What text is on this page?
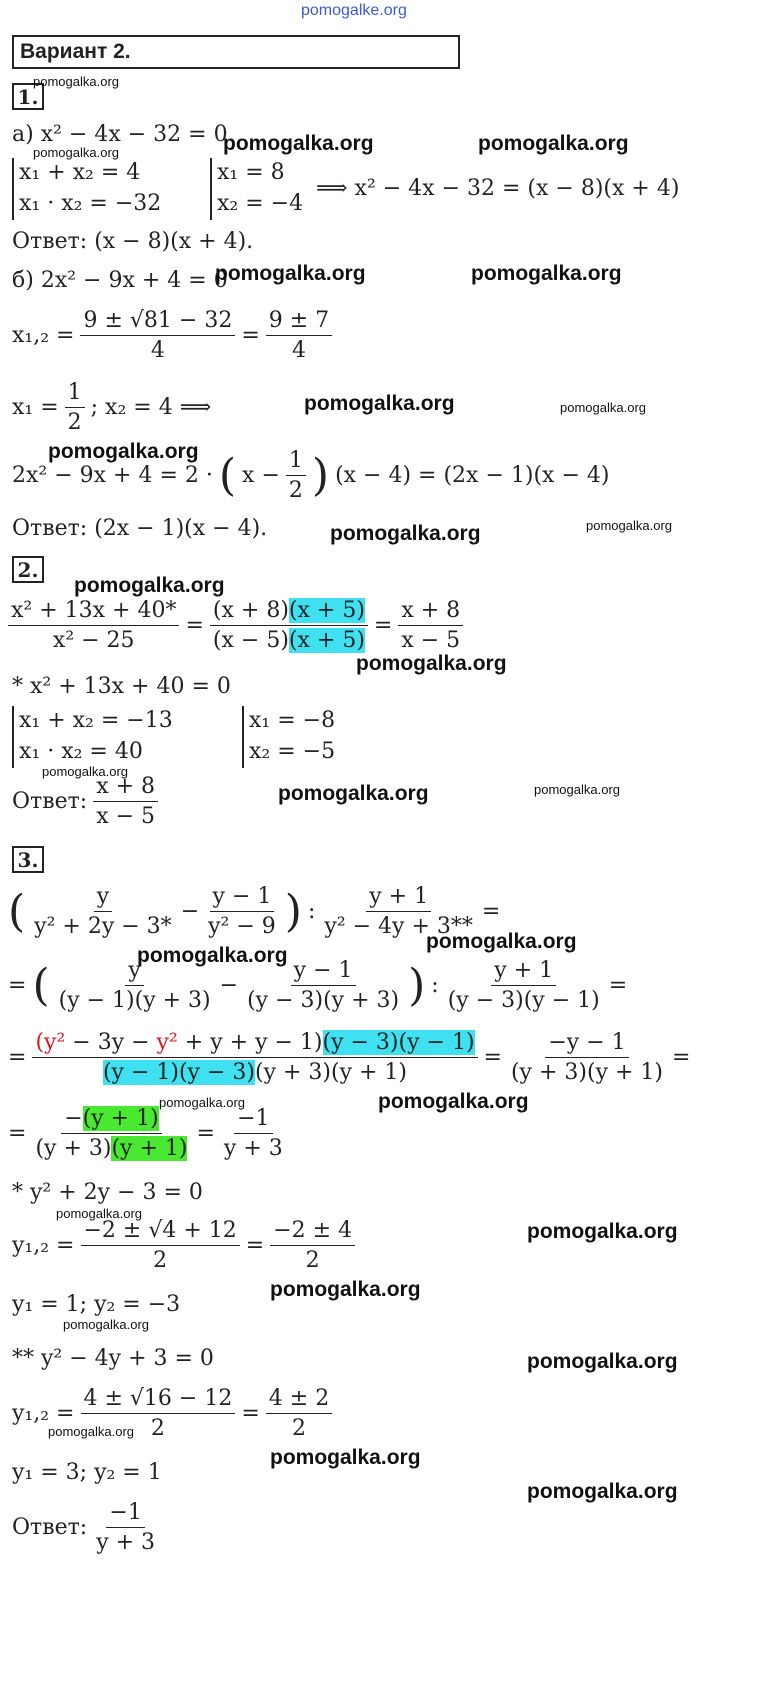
pomogalke.org
Вариант 2.
1.
pomogalka.org
а) x² − 4x − 32 = 0
pomogalka.org	pomogalka.org	pomogalka.org
x₁ + x₂ = 4
x₁ · x₂ = −32
x₁ = 8
x₂ = −4
⟹ x² − 4x − 32 = (x − 8)(x + 4)
Ответ: (x − 8)(x + 4).
б) 2x² − 9x + 4 = 0
pomogalka.org	pomogalka.org
$x_1,_2 = \frac{9 \pm √81 - 32}{4} = \frac{9 \pm 7}{4}$
$x_1 = \frac{1}{2}$ ; x₂ = 4 ⟹	pomogalka.org	pomogalka.org
pomogalka.org
2x² − 9x + 4 = 2 · ( $x - \frac{1}{2}$ ) (x − 4) = (2x − 1)(x − 4)
Ответ: (2x − 1)(x − 4).	pomogalka.org	pomogalka.org
2.
pomogalka.org
$\frac{\text{x² + 13x + 40*}}{\text{x² − 25}} = \frac{(x + 8)(x + 5)}{(x - 5)(x + 5)} = \frac{x + 8}{x - 5}$
pomogalka.org
* x² + 13x + 40 = 0
x₁ + x₂ = −13
x₁ · x₂ = 40
x₁ = −8
x₂ = −5
pomogalka.org
Ответ: $\frac{x + 8}{x - 5}$	pomogalka.org	pomogalka.org
3.
( $\frac{y}{\text{y² + 2y − 3*}} - \frac{y - 1}{\text{y² − 9}}$ ) : $\frac{y + 1}{\text{y² − 4y + 3**}}$ =
pomogalka.org
pomogalka.org
= ( $\frac{y}{(y - 1)(y + 3)} - \frac{y - 1}{(y - 3)(y + 3)}$ ) : $\frac{y + 1}{(y - 3)(y - 1)}$ =
= $\frac{\text{(y² − 3y − y² + y + y − 1)(y − 3)(y − 1)}}{(y - 1)(y - 3)(y + 3)(y + 1)} = \frac{-y - 1}{(y + 3)(y + 1)}$ =
pomogalka.org	pomogalka.org
= $\frac{-(y + 1)}{(y + 3)(y + 1)} = \frac{-1}{y + 3}$
* y² + 2y − 3 = 0
pomogalka.org
pomogalka.org
$y_1,_2 = \frac{-2 \pm √4 + 12}{2} = \frac{-2 \pm 4}{2}$
y₁ = 1; y₂ = −3
pomogalka.org
pomogalka.org
** y² − 4y + 3 = 0	pomogalka.org
$y_1,_2 = \frac{4 \pm √16 - 12}{2} = \frac{4 \pm 2}{2}$
pomogalka.org
pomogalka.org
y₁ = 3; y₂ = 1
pomogalka.org
Ответ: $\frac{-1}{y + 3}$
